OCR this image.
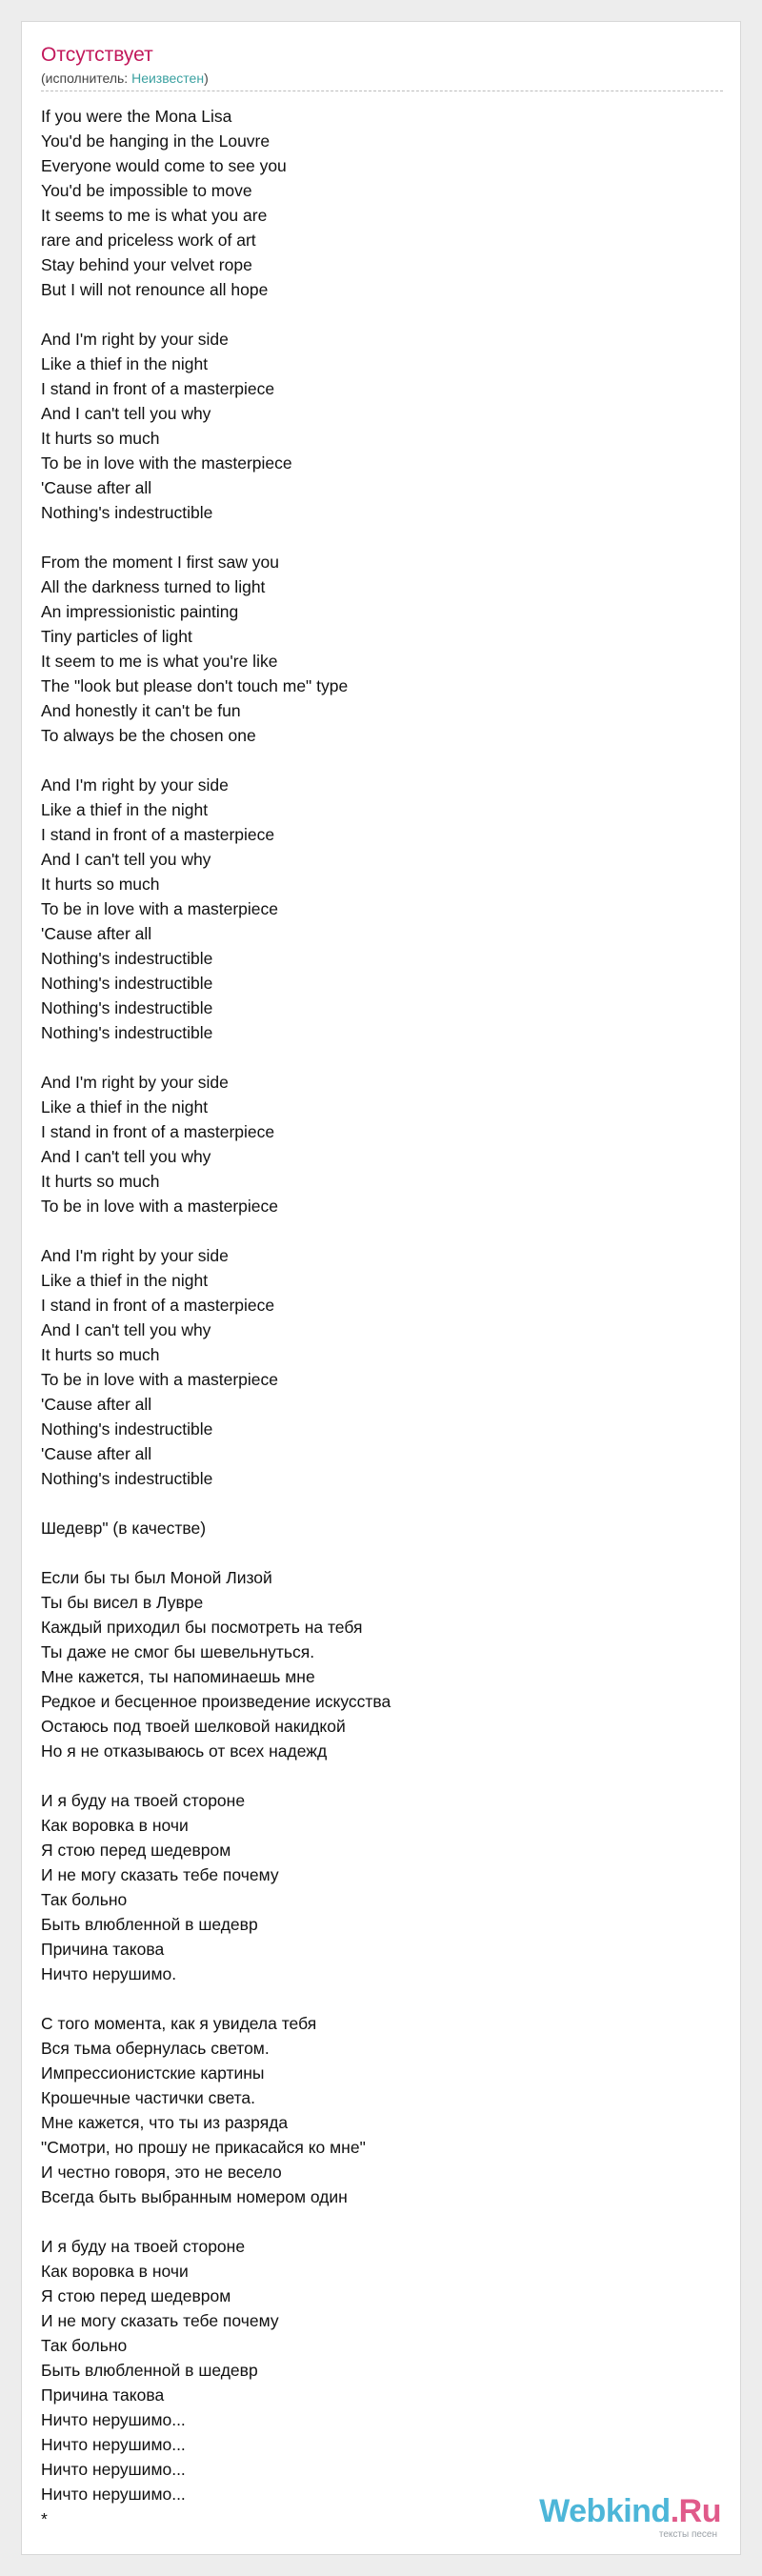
Отсутствует
(исполнитель: Неизвестен)
If you were the Mona Lisa
You'd be hanging in the Louvre
Everyone would come to see you
You'd be impossible to move
It seems to me is what you are
rare and priceless work of art
Stay behind your velvet rope
But I will not renounce all hope
And I'm right by your side
Like a thief in the night
I stand in front of a masterpiece
And I can't tell you why
It hurts so much
To be in love with the masterpiece
'Cause after all
Nothing's indestructible
From the moment I first saw you
All the darkness turned to light
An impressionistic painting
Tiny particles of light
It seem to me is what you're like
The "look but please don't touch me" type
And honestly it can't be fun
To always be the chosen one
And I'm right by your side
Like a thief in the night
I stand in front of a masterpiece
And I can't tell you why
It hurts so much
To be in love with a masterpiece
'Cause after all
Nothing's indestructible
Nothing's indestructible
Nothing's indestructible
Nothing's indestructible
And I'm right by your side
Like a thief in the night
I stand in front of a masterpiece
And I can't tell you why
It hurts so much
To be in love with a masterpiece
And I'm right by your side
Like a thief in the night
I stand in front of a masterpiece
And I can't tell you why
It hurts so much
To be in love with a masterpiece
'Cause after all
Nothing's indestructible
'Cause after all
Nothing's indestructible
Шедевр" (в качестве)
Если бы ты был Моной Лизой
Ты бы висел в Лувре
Каждый приходил бы посмотреть на тебя
Ты даже не смог бы шевельнуться.
Мне кажется, ты напоминаешь мне
Редкое и бесценное произведение искусства
Остаюсь под твоей шелковой накидкой
Но я не отказываюсь от всех надежд
И я буду на твоей стороне
Как воровка в ночи
Я стою перед шедевром
И не могу сказать тебе почему
Так больно
Быть влюбленной в шедевр
Причина такова
Ничто нерушимо.
С того момента, как я увидела тебя
Вся тьма обернулась светом.
Импрессионистские картины
Крошечные частички света.
Мне кажется, что ты из разряда
"Смотри, но прошу не прикасайся ко мне"
И честно говоря, это не весело
Всегда быть выбранным номером один
И я буду на твоей стороне
Как воровка в ночи
Я стою перед шедевром
И не могу сказать тебе почему
Так больно
Быть влюбленной в шедевр
Причина такова
Ничто нерушимо...
Ничто нерушимо...
Ничто нерушимо...
Ничто нерушимо...
*	Webkind.Ru
тексты песен
